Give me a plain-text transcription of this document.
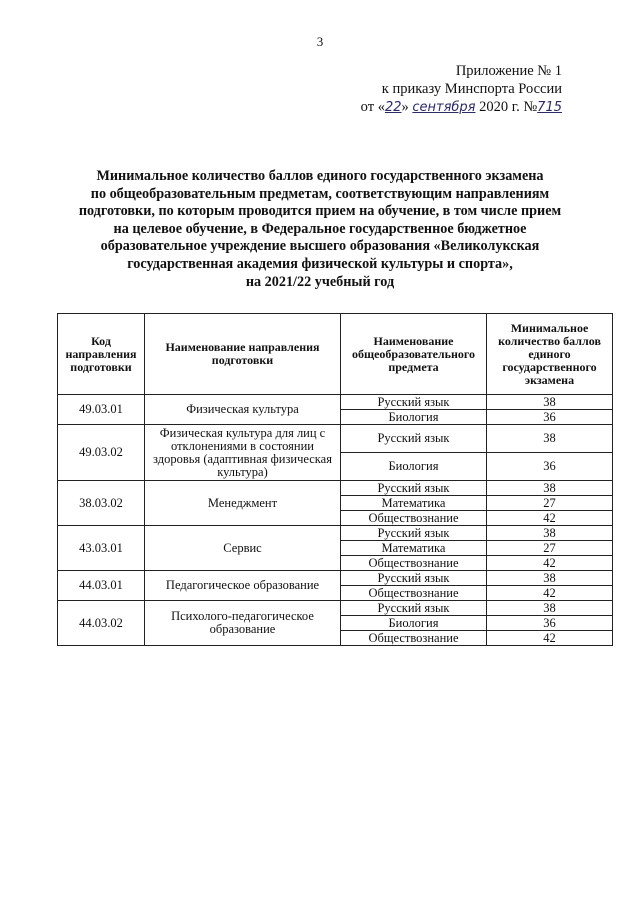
3
Приложение № 1
к приказу Минспорта России
от «22» сентября 2020 г. №715
Минимальное количество баллов единого государственного экзамена
по общеобразовательным предметам, соответствующим направлениям
подготовки, по которым проводится прием на обучение, в том числе прием
на целевое обучение, в Федеральное государственное бюджетное
образовательное учреждение высшего образования «Великолукская
государственная академия физической культуры и спорта»,
на 2021/22 учебный год
Код направления подготовки	Наименование направления подготовки	Наименование общеобразовательного предмета	Минимальное количество баллов единого государственного экзамена
49.03.01	Физическая культура	Русский язык	38
		Биология	36
49.03.02	Физическая культура для лиц с отклонениями в состоянии здоровья (адаптивная физическая культура)	Русский язык	38
		Биология	36
38.03.02	Менеджмент	Русский язык	38
		Математика	27
		Обществознание	42
43.03.01	Сервис	Русский язык	38
		Математика	27
		Обществознание	42
44.03.01	Педагогическое образование	Русский язык	38
		Обществознание	42
44.03.02	Психолого-педагогическое образование	Русский язык	38
		Биология	36
		Обществознание	42
